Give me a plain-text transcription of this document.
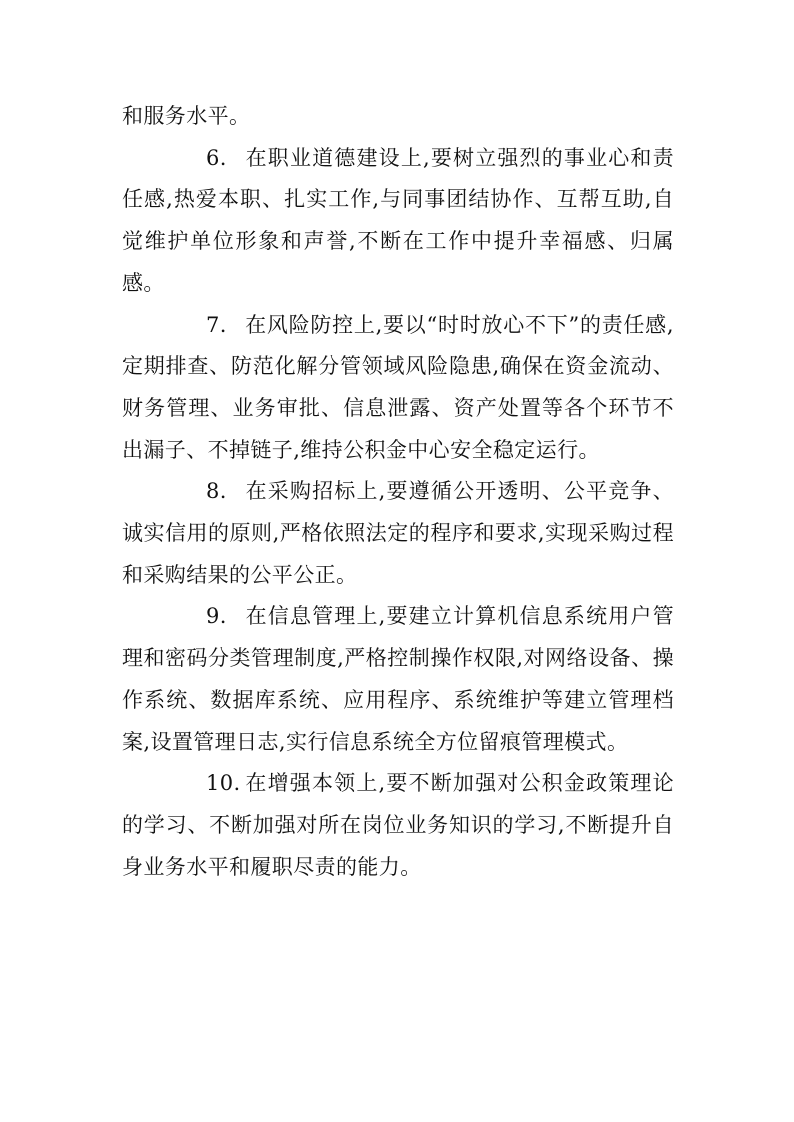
和服务水平。

6. 在职业道德建设上,要树立强烈的事业心和责任感,热爱本职、扎实工作,与同事团结协作、互帮互助,自觉维护单位形象和声誉,不断在工作中提升幸福感、归属感。

7. 在风险防控上,要以“时时放心不下”的责任感,定期排查、防范化解分管领域风险隐患,确保在资金流动、财务管理、业务审批、信息泄露、资产处置等各个环节不出漏子、不掉链子,维持公积金中心安全稳定运行。

8. 在采购招标上,要遵循公开透明、公平竞争、诚实信用的原则,严格依照法定的程序和要求,实现采购过程和采购结果的公平公正。

9. 在信息管理上,要建立计算机信息系统用户管理和密码分类管理制度,严格控制操作权限,对网络设备、操作系统、数据库系统、应用程序、系统维护等建立管理档案,设置管理日志,实行信息系统全方位留痕管理模式。

10. 在增强本领上,要不断加强对公积金政策理论的学习、不断加强对所在岗位业务知识的学习,不断提升自身业务水平和履职尽责的能力。
